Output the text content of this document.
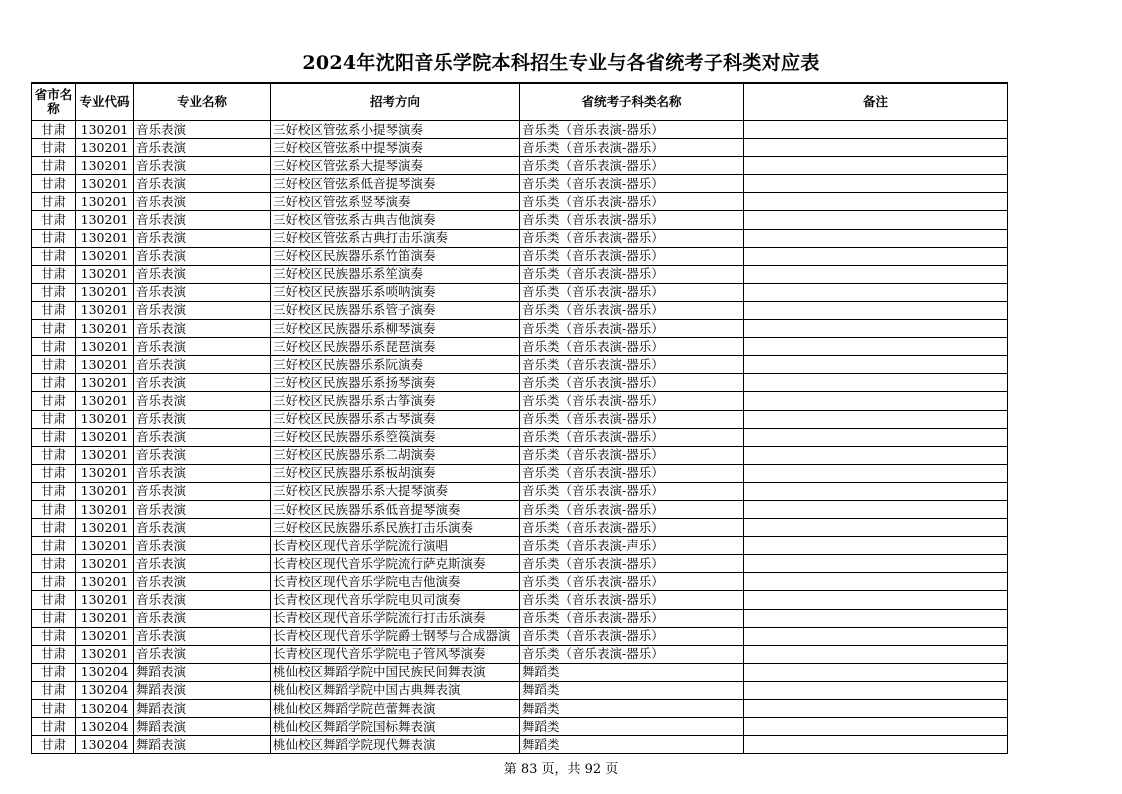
2024年沈阳音乐学院本科招生专业与各省统考子科类对应表
省市名称	专业代码	专业名称	招考方向	省统考子科类名称	备注
甘肃	130201	音乐表演	三好校区管弦系小提琴演奏	音乐类（音乐表演-器乐）	
甘肃	130201	音乐表演	三好校区管弦系中提琴演奏	音乐类（音乐表演-器乐）	
甘肃	130201	音乐表演	三好校区管弦系大提琴演奏	音乐类（音乐表演-器乐）	
甘肃	130201	音乐表演	三好校区管弦系低音提琴演奏	音乐类（音乐表演-器乐）	
甘肃	130201	音乐表演	三好校区管弦系竖琴演奏	音乐类（音乐表演-器乐）	
甘肃	130201	音乐表演	三好校区管弦系古典吉他演奏	音乐类（音乐表演-器乐）	
甘肃	130201	音乐表演	三好校区管弦系古典打击乐演奏	音乐类（音乐表演-器乐）	
甘肃	130201	音乐表演	三好校区民族器乐系竹笛演奏	音乐类（音乐表演-器乐）	
甘肃	130201	音乐表演	三好校区民族器乐系笙演奏	音乐类（音乐表演-器乐）	
甘肃	130201	音乐表演	三好校区民族器乐系唢呐演奏	音乐类（音乐表演-器乐）	
甘肃	130201	音乐表演	三好校区民族器乐系管子演奏	音乐类（音乐表演-器乐）	
甘肃	130201	音乐表演	三好校区民族器乐系柳琴演奏	音乐类（音乐表演-器乐）	
甘肃	130201	音乐表演	三好校区民族器乐系琵琶演奏	音乐类（音乐表演-器乐）	
甘肃	130201	音乐表演	三好校区民族器乐系阮演奏	音乐类（音乐表演-器乐）	
甘肃	130201	音乐表演	三好校区民族器乐系扬琴演奏	音乐类（音乐表演-器乐）	
甘肃	130201	音乐表演	三好校区民族器乐系古筝演奏	音乐类（音乐表演-器乐）	
甘肃	130201	音乐表演	三好校区民族器乐系古琴演奏	音乐类（音乐表演-器乐）	
甘肃	130201	音乐表演	三好校区民族器乐系箜篌演奏	音乐类（音乐表演-器乐）	
甘肃	130201	音乐表演	三好校区民族器乐系二胡演奏	音乐类（音乐表演-器乐）	
甘肃	130201	音乐表演	三好校区民族器乐系板胡演奏	音乐类（音乐表演-器乐）	
甘肃	130201	音乐表演	三好校区民族器乐系大提琴演奏	音乐类（音乐表演-器乐）	
甘肃	130201	音乐表演	三好校区民族器乐系低音提琴演奏	音乐类（音乐表演-器乐）	
甘肃	130201	音乐表演	三好校区民族器乐系民族打击乐演奏	音乐类（音乐表演-器乐）	
甘肃	130201	音乐表演	长青校区现代音乐学院流行演唱	音乐类（音乐表演-声乐）	
甘肃	130201	音乐表演	长青校区现代音乐学院流行萨克斯演奏	音乐类（音乐表演-器乐）	
甘肃	130201	音乐表演	长青校区现代音乐学院电吉他演奏	音乐类（音乐表演-器乐）	
甘肃	130201	音乐表演	长青校区现代音乐学院电贝司演奏	音乐类（音乐表演-器乐）	
甘肃	130201	音乐表演	长青校区现代音乐学院流行打击乐演奏	音乐类（音乐表演-器乐）	
甘肃	130201	音乐表演	长青校区现代音乐学院爵士钢琴与合成器演	音乐类（音乐表演-器乐）	
甘肃	130201	音乐表演	长青校区现代音乐学院电子管风琴演奏	音乐类（音乐表演-器乐）	
甘肃	130204	舞蹈表演	桃仙校区舞蹈学院中国民族民间舞表演	舞蹈类	
甘肃	130204	舞蹈表演	桃仙校区舞蹈学院中国古典舞表演	舞蹈类	
甘肃	130204	舞蹈表演	桃仙校区舞蹈学院芭蕾舞表演	舞蹈类	
甘肃	130204	舞蹈表演	桃仙校区舞蹈学院国标舞表演	舞蹈类	
甘肃	130204	舞蹈表演	桃仙校区舞蹈学院现代舞表演	舞蹈类	
第 83 页，共 92 页
